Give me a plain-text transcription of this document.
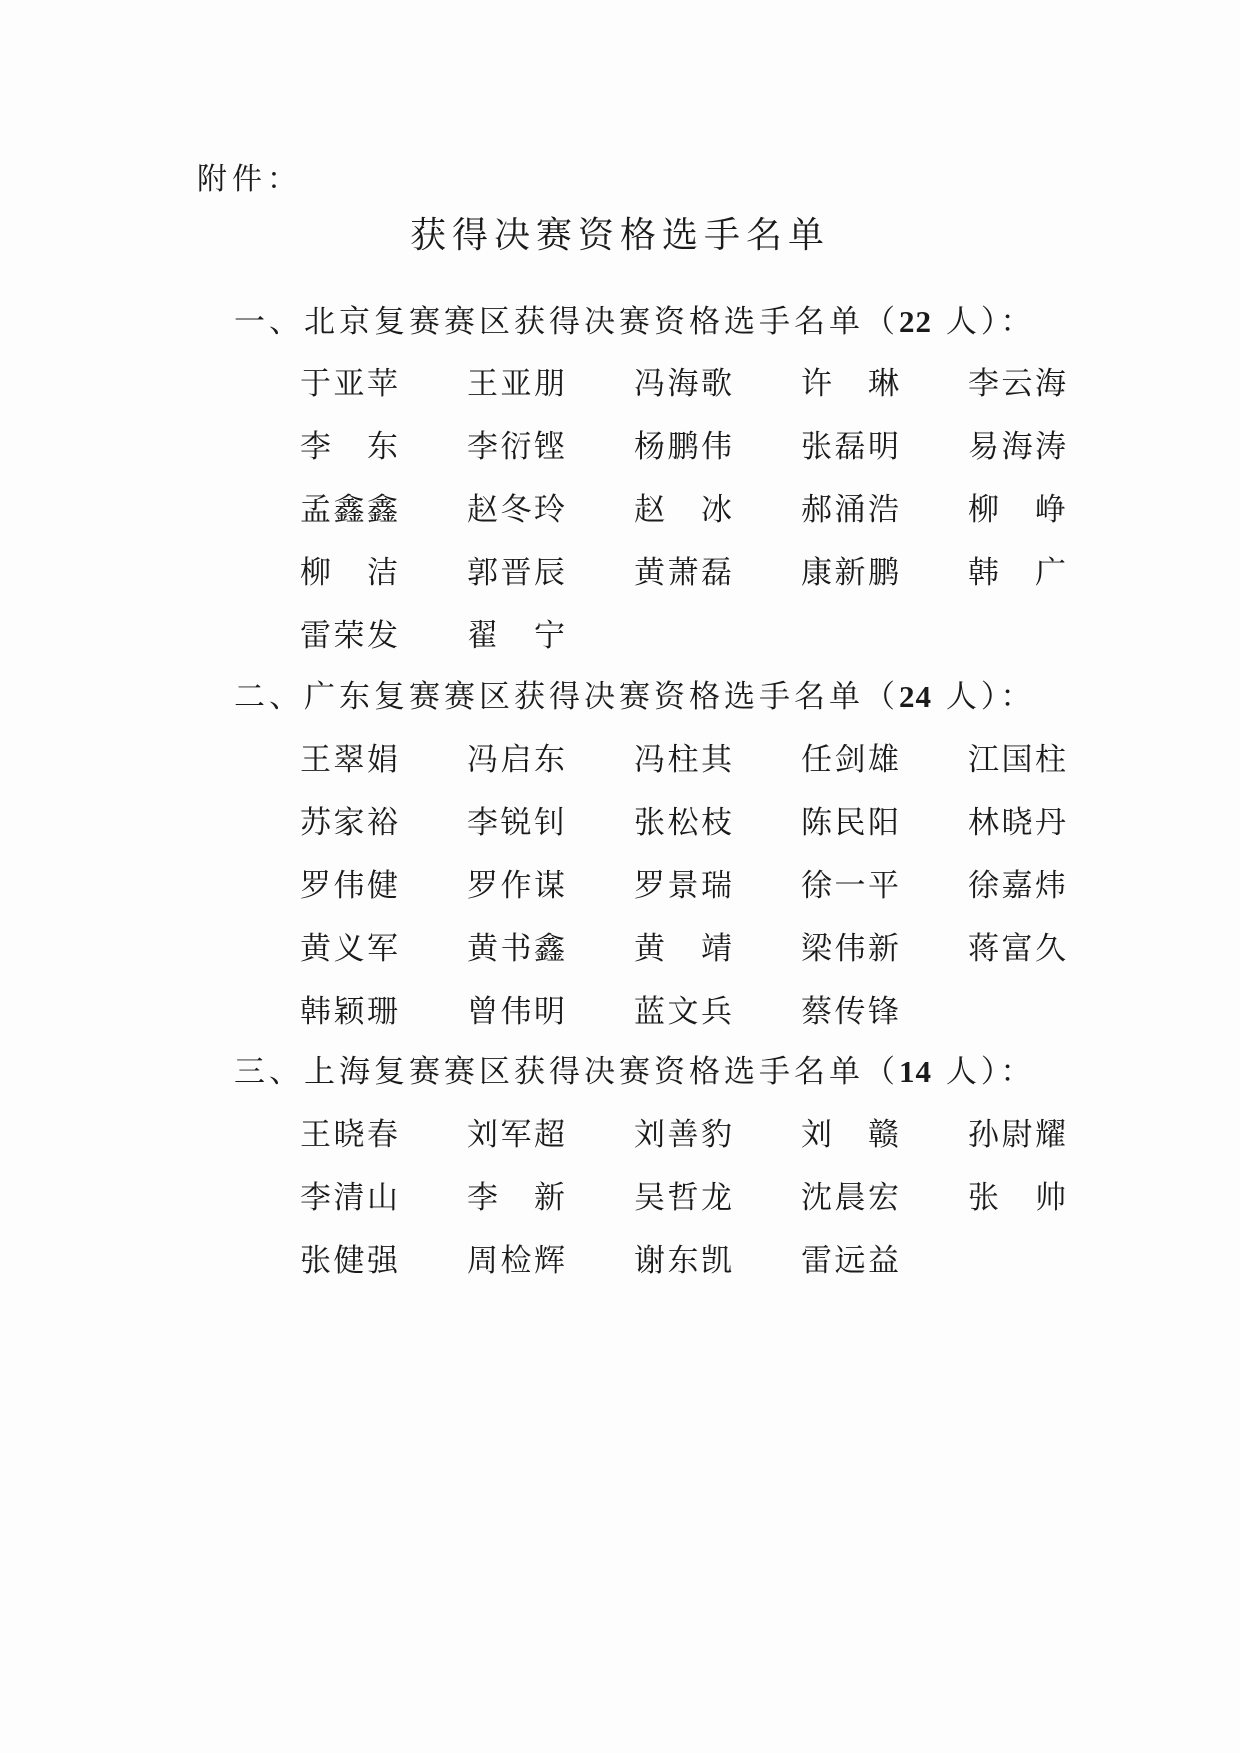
附件：
获得决赛资格选手名单
一、北京复赛赛区获得决赛资格选手名单（22 人）：
于 亚 苹 王 亚 朋 冯 海 歌 许 琳 李 云 海
李 东 李 衍 铿 杨 鹏 伟 张 磊 明 易 海 涛
孟 鑫 鑫 赵 冬 玲 赵 冰 郝 涌 浩 柳 峥
柳 洁 郭 晋 辰 黄 萧 磊 康 新 鹏 韩 广
雷 荣 发 翟 宁
二、广东复赛赛区获得决赛资格选手名单（24 人）：
王 翠 娟 冯 启 东 冯 柱 其 任 剑 雄 江 国 柱
苏 家 裕 李 锐 钊 张 松 枝 陈 民 阳 林 晓 丹
罗 伟 健 罗 作 谋 罗 景 瑞 徐 一 平 徐 嘉 炜
黄 义 军 黄 书 鑫 黄 靖 梁 伟 新 蒋 富 久
韩 颖 珊 曾 伟 明 蓝 文 兵 蔡 传 锋
三、上海复赛赛区获得决赛资格选手名单（14 人）：
王 晓 春 刘 军 超 刘 善 豹 刘 赣 孙 尉 耀
李 清 山 李 新 吴 哲 龙 沈 晨 宏 张 帅
张 健 强 周 检 辉 谢 东 凯 雷 远 益
